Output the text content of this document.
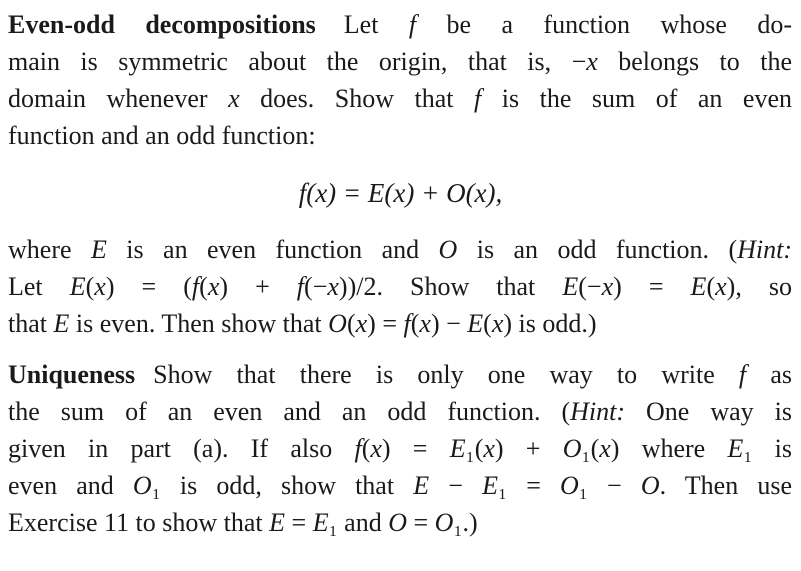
Even-odd decompositions Let f be a function whose do-
main is symmetric about the origin, that is, −x belongs to the
domain whenever x does. Show that f is the sum of an even
function and an odd function:
f(x) = E(x) + O(x),
where E is an even function and O is an odd function. (Hint:
Let E(x) = (f(x) + f(−x))/2. Show that E(−x) = E(x), so
that E is even. Then show that O(x) = f(x) − E(x) is odd.)
Uniqueness Show that there is only one way to write f as
the sum of an even and an odd function. (Hint: One way is
given in part (a). If also f(x) = E₁(x) + O₁(x) where E₁ is
even and O₁ is odd, show that E − E₁ = O₁ − O. Then use
Exercise 11 to show that E = E₁ and O = O₁.)
